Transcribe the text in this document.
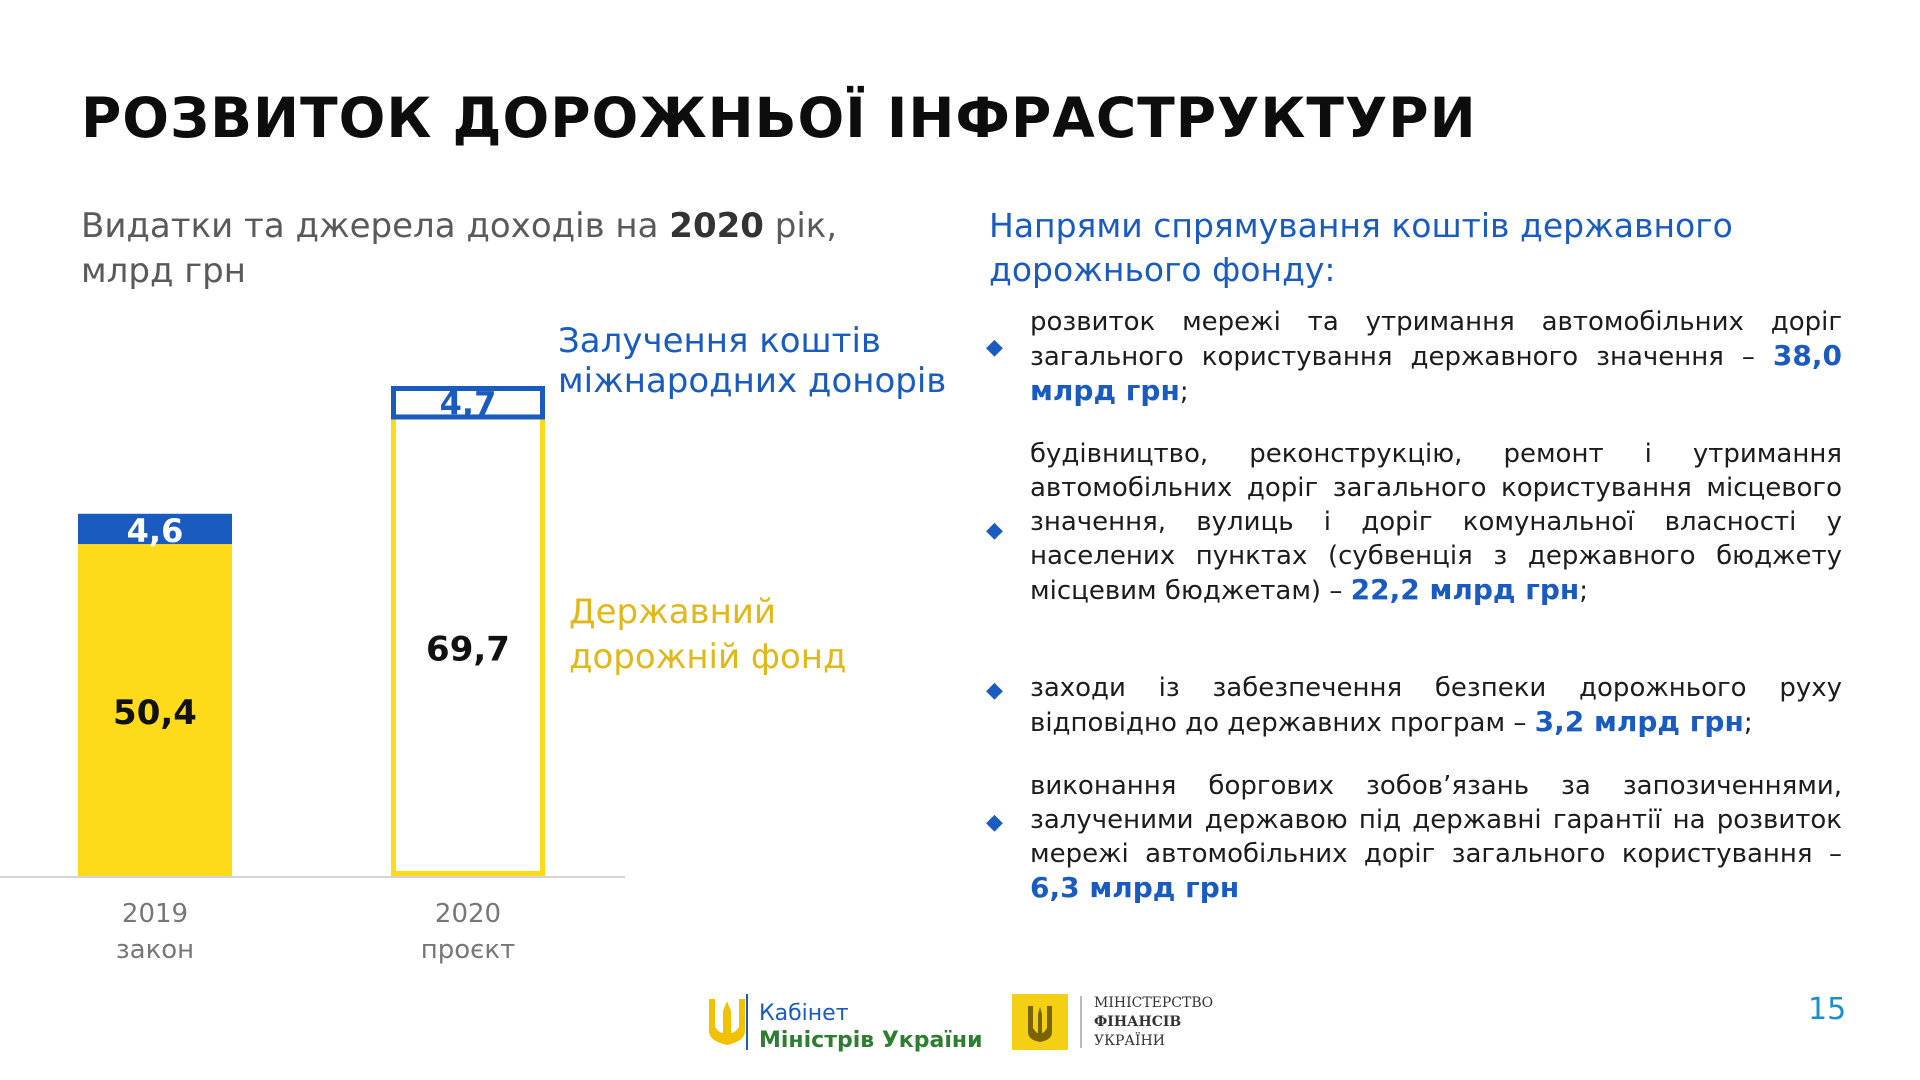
РОЗВИТОК ДОРОЖНЬОЇ ІНФРАСТРУКТУРИ
Видатки та джерела доходів на 2020 рік,
млрд грн
50,4
4,6
2019
закон
69,7
4,7
2020
проєкт
Залучення коштів міжнародних донорів
Державний дорожній фонд
Напрями спрямування коштів державного дорожнього фонду:
◆
розвиток мережі та утримання автомобільних доріг загального користування державного значення – 38,0 млрд грн;
◆
будівництво, реконструкцію, ремонт і утримання автомобільних доріг загального користування місцевого значення, вулиць і доріг комунальної власності у населених пунктах (субвенція з державного бюджету місцевим бюджетам) – 22,2 млрд грн;
◆ заходи із забезпечення безпеки дорожнього руху відповідно до державних програм – 3,2 млрд грн;
◆
виконання боргових зобов’язань за запозиченнями, залученими державою під державні гарантії на розвиток мережі автомобільних доріг загального користування – 6,3 млрд грн
Кабінет
Міністрів України
МІНІСТЕРСТВО
ФІНАНСІВ
УКРАЇНИ
15
